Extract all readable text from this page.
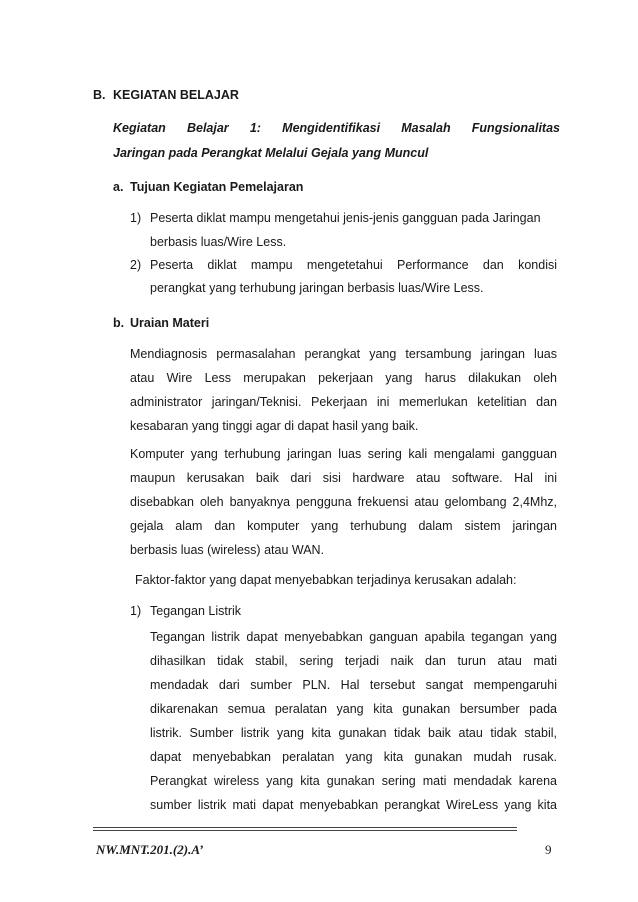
B. KEGIATAN BELAJAR
Kegiatan Belajar 1: Mengidentifikasi Masalah Fungsionalitas
Jaringan pada Perangkat Melalui Gejala yang Muncul
a. Tujuan Kegiatan Pemelajaran
1) Peserta diklat mampu mengetahui jenis-jenis gangguan pada Jaringan
berbasis luas/Wire Less.
2) Peserta diklat mampu mengetetahui Performance dan kondisi
perangkat yang terhubung jaringan berbasis luas/Wire Less.
b. Uraian Materi
Mendiagnosis permasalahan perangkat yang tersambung jaringan luas
atau Wire Less merupakan pekerjaan yang harus dilakukan oleh
administrator jaringan/Teknisi. Pekerjaan ini memerlukan ketelitian dan
kesabaran yang tinggi agar di dapat hasil yang baik.
Komputer yang terhubung jaringan luas sering kali mengalami gangguan
maupun kerusakan baik dari sisi hardware atau software. Hal ini
disebabkan oleh banyaknya pengguna frekuensi atau gelombang 2,4Mhz,
gejala alam dan komputer yang terhubung dalam sistem jaringan
berbasis luas (wireless) atau WAN.
Faktor-faktor yang dapat menyebabkan terjadinya kerusakan adalah:
1) Tegangan Listrik
Tegangan listrik dapat menyebabkan ganguan apabila tegangan yang
dihasilkan tidak stabil, sering terjadi naik dan turun atau mati
mendadak dari sumber PLN. Hal tersebut sangat mempengaruhi
dikarenakan semua peralatan yang kita gunakan bersumber pada
listrik. Sumber listrik yang kita gunakan tidak baik atau tidak stabil,
dapat menyebabkan peralatan yang kita gunakan mudah rusak.
Perangkat wireless yang kita gunakan sering mati mendadak karena
sumber listrik mati dapat menyebabkan perangkat WireLess yang kita
NW.MNT.201.(2).A’	9
